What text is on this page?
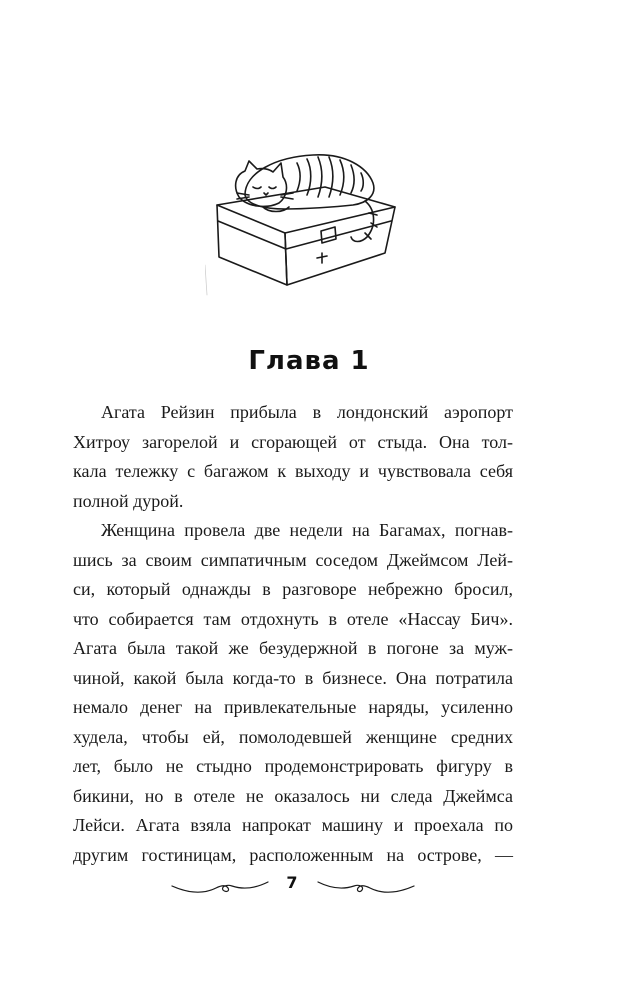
Глава 1
Агата Рейзин прибыла в лондонский аэропорт
Хитроу загорелой и сгорающей от стыда. Она тол-
кала тележку с багажом к выходу и чувствовала себя
полной дурой.
Женщина провела две недели на Багамах, погнав-
шись за своим симпатичным соседом Джеймсом Лей-
си, который однажды в разговоре небрежно бросил,
что собирается там отдохнуть в отеле «Нассау Бич».
Агата была такой же безудержной в погоне за муж-
чиной, какой была когда-то в бизнесе. Она потратила
немало денег на привлекательные наряды, усиленно
худела, чтобы ей, помолодевшей женщине средних
лет, было не стыдно продемонстрировать фигуру в
бикини, но в отеле не оказалось ни следа Джеймса
Лейси. Агата взяла напрокат машину и проехала по
другим гостиницам, расположенным на острове, —
7
